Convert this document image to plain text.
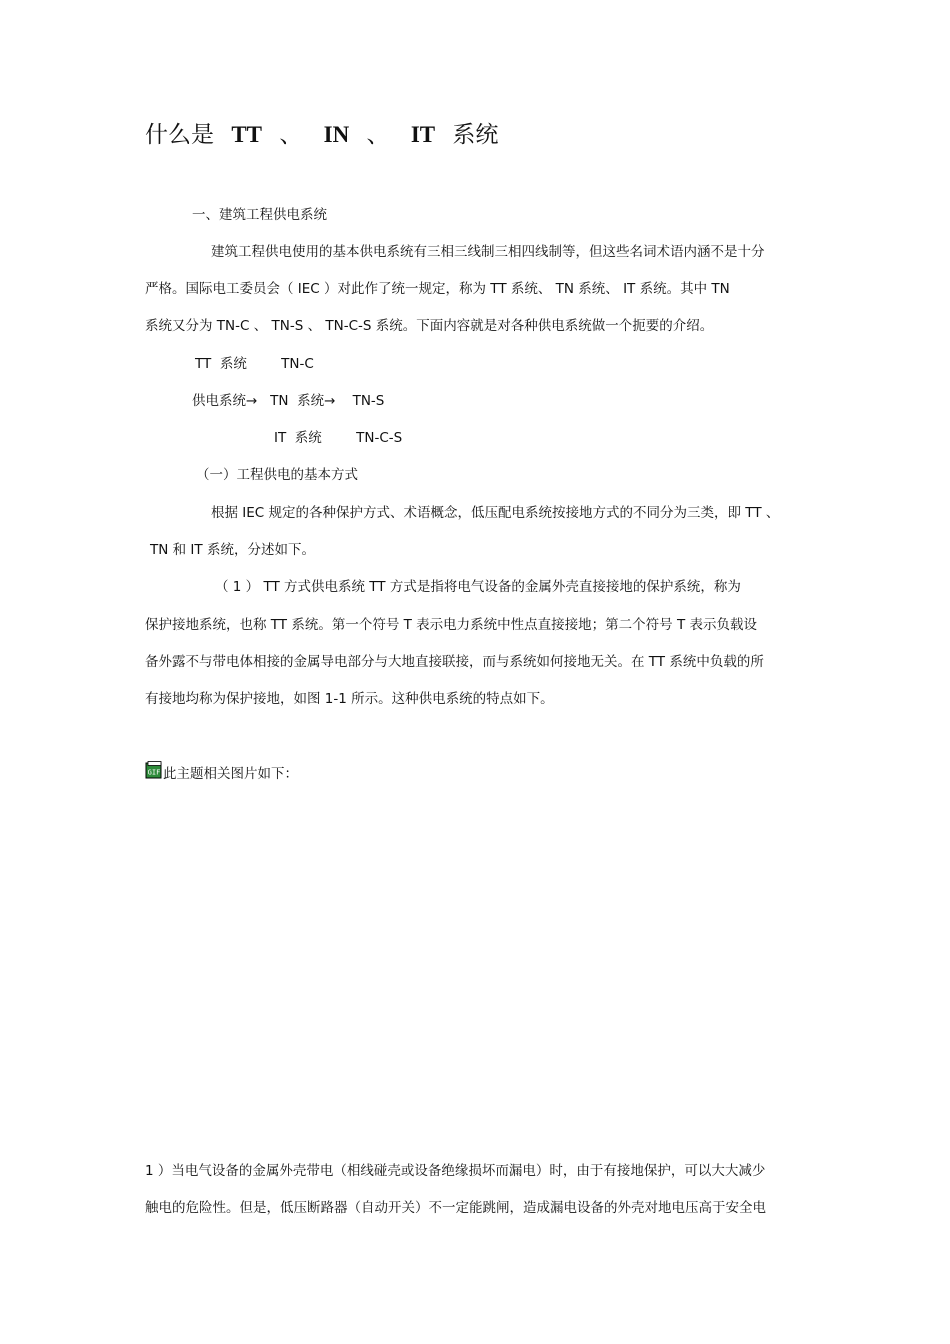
什么是 TT 、 IN 、 IT 系统
一、建筑工程供电系统
建筑工程供电使用的基本供电系统有三相三线制三相四线制等，但这些名词术语内涵不是十分
严格。国际电工委员会（ IEC ）对此作了统一规定，称为 TT 系统、 TN 系统、 IT 系统。其中 TN
系统又分为 TN-C 、 TN-S 、 TN-C-S 系统。下面内容就是对各种供电系统做一个扼要的介绍。
TT  系统        TN-C
供电系统→   TN  系统→    TN-S
IT  系统        TN-C-S
（一）工程供电的基本方式
根据 IEC 规定的各种保护方式、术语概念，低压配电系统按接地方式的不同分为三类，即 TT 、
TN 和 IT 系统，分述如下。
（ 1 ） TT 方式供电系统 TT 方式是指将电气设备的金属外壳直接接地的保护系统，称为
保护接地系统，也称 TT 系统。第一个符号 T 表示电力系统中性点直接接地；第二个符号 T 表示负载设
备外露不与带电体相接的金属导电部分与大地直接联接，而与系统如何接地无关。在 TT 系统中负载的所
有接地均称为保护接地，如图 1-1 所示。这种供电系统的特点如下。
GIF 此主题相关图片如下：
1 ）当电气设备的金属外壳带电（相线碰壳或设备绝缘损坏而漏电）时，由于有接地保护，可以大大减少
触电的危险性。但是，低压断路器（自动开关）不一定能跳闸，造成漏电设备的外壳对地电压高于安全电
